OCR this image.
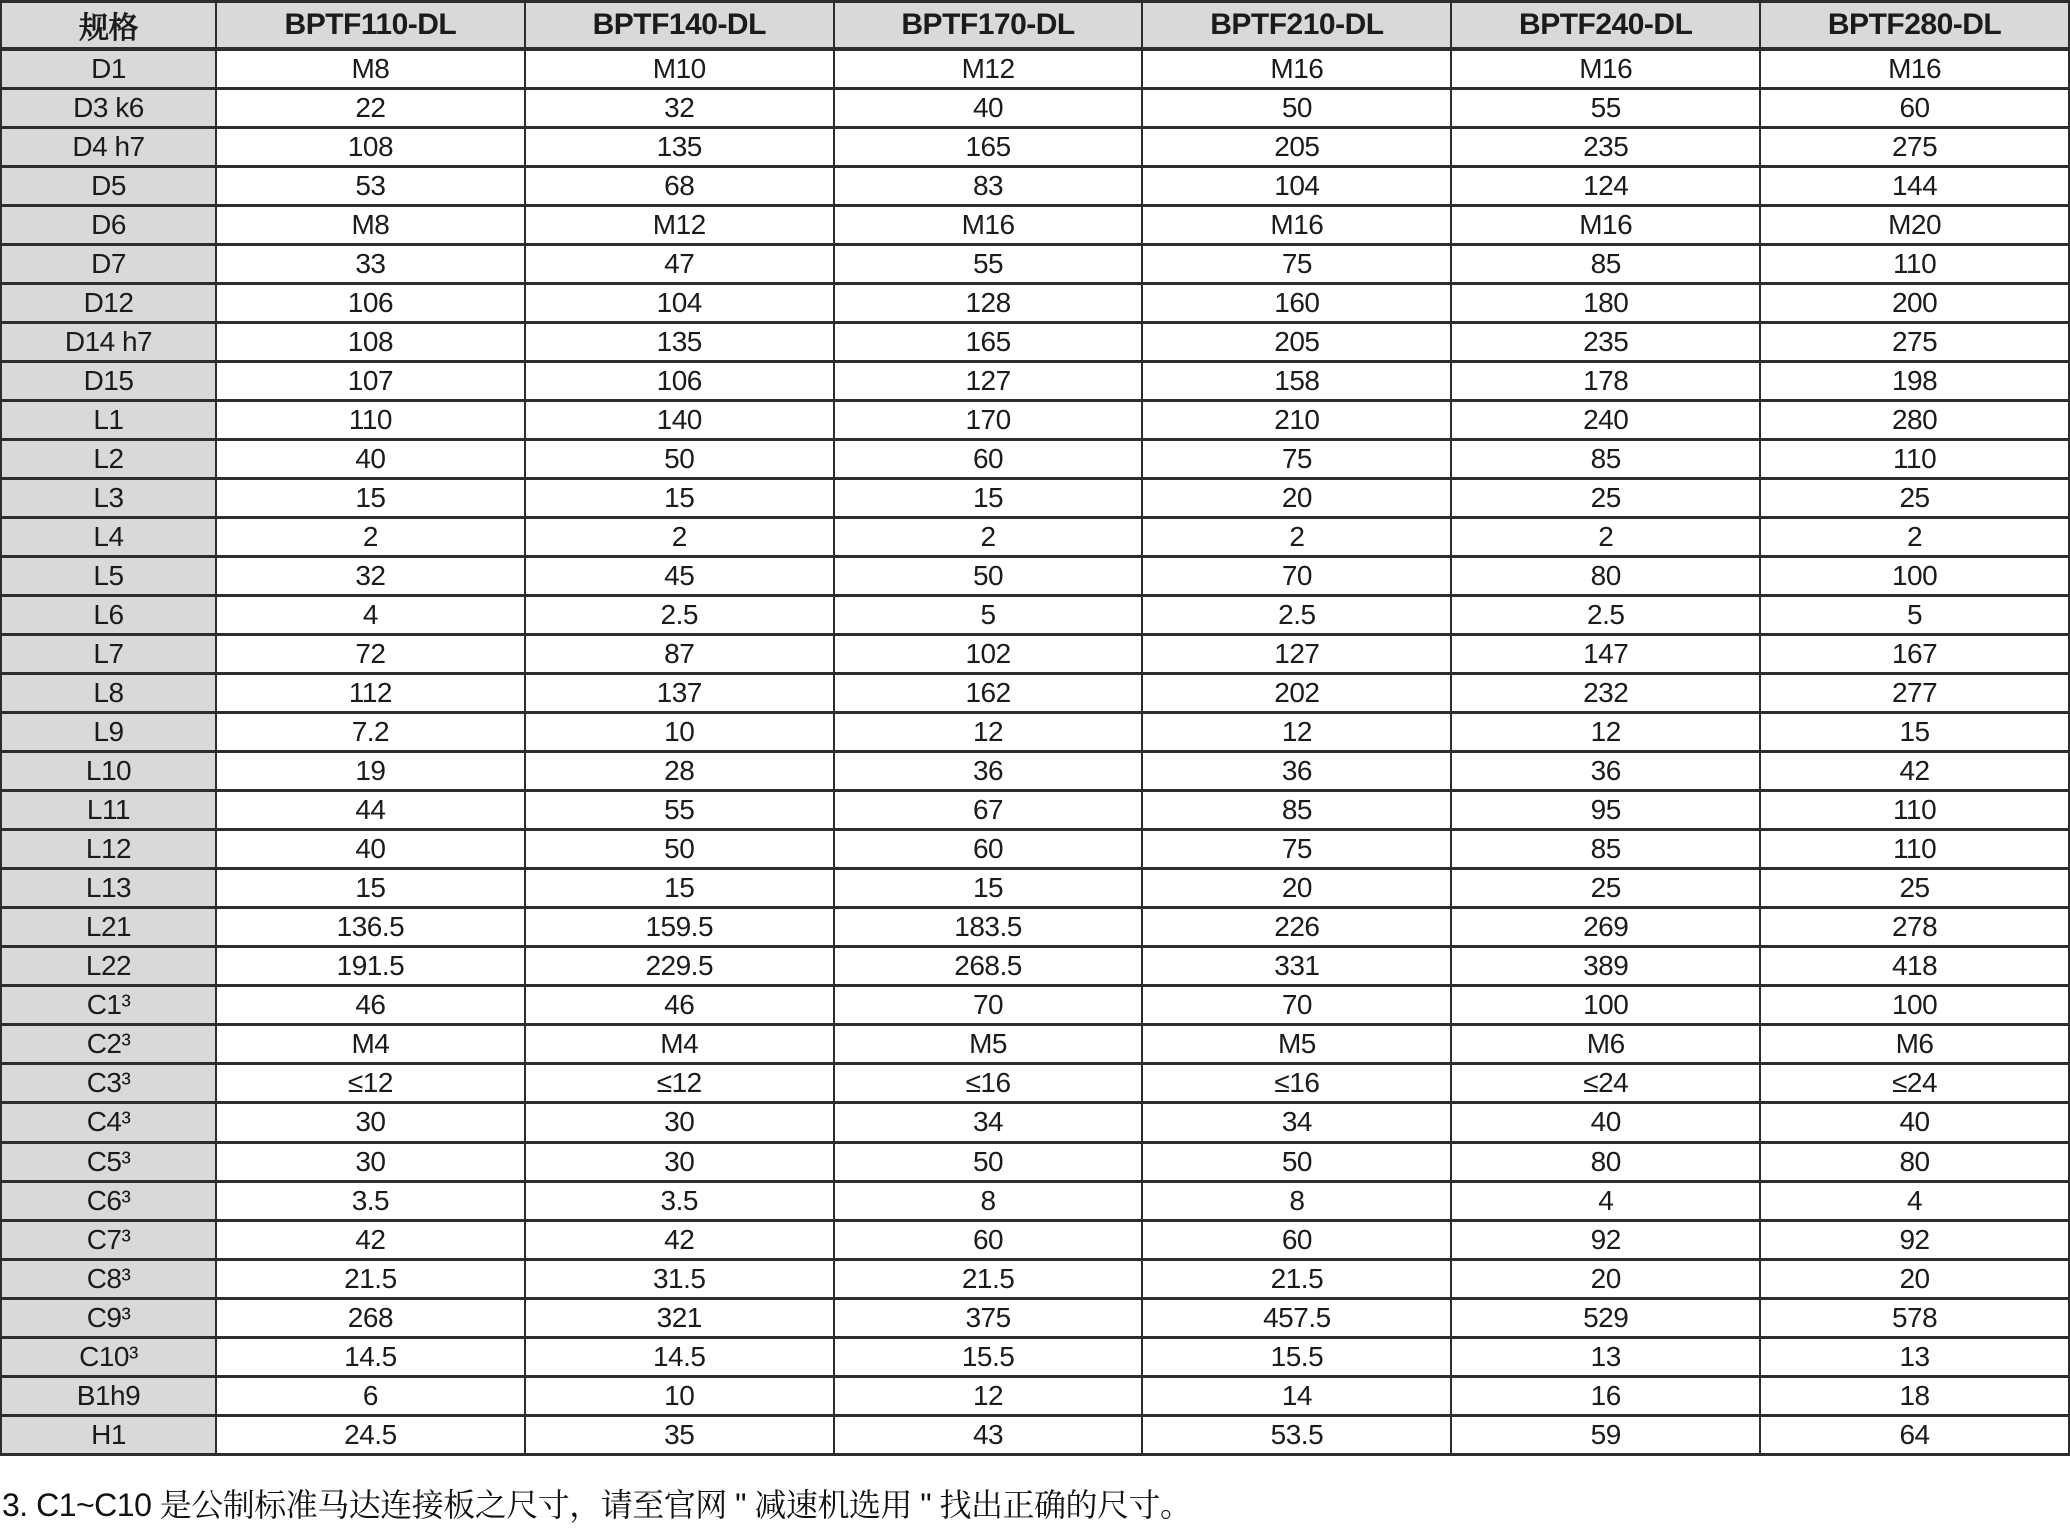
规格	BPTF110-DL	BPTF140-DL	BPTF170-DL	BPTF210-DL	BPTF240-DL	BPTF280-DL
D1	M8	M10	M12	M16	M16	M16
D3 k6	22	32	40	50	55	60
D4 h7	108	135	165	205	235	275
D5	53	68	83	104	124	144
D6	M8	M12	M16	M16	M16	M20
D7	33	47	55	75	85	110
D12	106	104	128	160	180	200
D14 h7	108	135	165	205	235	275
D15	107	106	127	158	178	198
L1	110	140	170	210	240	280
L2	40	50	60	75	85	110
L3	15	15	15	20	25	25
L4	2	2	2	2	2	2
L5	32	45	50	70	80	100
L6	4	2.5	5	2.5	2.5	5
L7	72	87	102	127	147	167
L8	112	137	162	202	232	277
L9	7.2	10	12	12	12	15
L10	19	28	36	36	36	42
L11	44	55	67	85	95	110
L12	40	50	60	75	85	110
L13	15	15	15	20	25	25
L21	136.5	159.5	183.5	226	269	278
L22	191.5	229.5	268.5	331	389	418
C1³	46	46	70	70	100	100
C2³	M4	M4	M5	M5	M6	M6
C3³	≤12	≤12	≤16	≤16	≤24	≤24
C4³	30	30	34	34	40	40
C5³	30	30	50	50	80	80
C6³	3.5	3.5	8	8	4	4
C7³	42	42	60	60	92	92
C8³	21.5	31.5	21.5	21.5	20	20
C9³	268	321	375	457.5	529	578
C10³	14.5	14.5	15.5	15.5	13	13
B1h9	6	10	12	14	16	18
H1	24.5	35	43	53.5	59	64
3. C1~C10 是公制标准马达连接板之尺寸，请至官网 " 减速机选用 " 找出正确的尺寸。
